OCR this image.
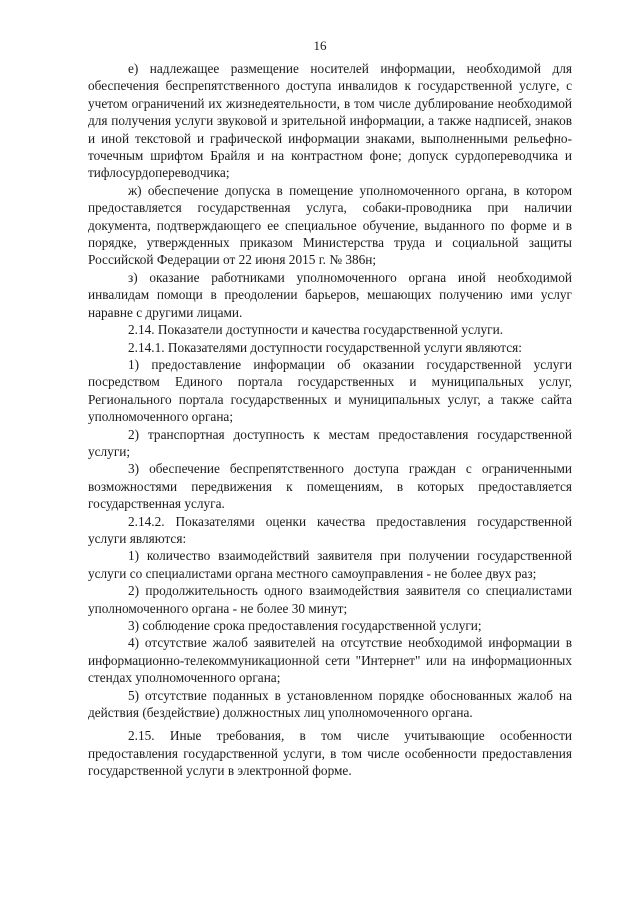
16

е) надлежащее размещение носителей информации, необходимой для обеспечения беспрепятственного доступа инвалидов к государственной услуге, с учетом ограничений их жизнедеятельности, в том числе дублирование необходимой для получения услуги звуковой и зрительной информации, а также надписей, знаков и иной текстовой и графической информации знаками, выполненными рельефно-точечным шрифтом Брайля и на контрастном фоне; допуск сурдопереводчика и тифлосурдопереводчика;

ж) обеспечение допуска в помещение уполномоченного органа, в котором предоставляется государственная услуга, собаки-проводника при наличии документа, подтверждающего ее специальное обучение, выданного по форме и в порядке, утвержденных приказом Министерства труда и социальной защиты Российской Федерации от 22 июня 2015 г. № 386н;

з) оказание работниками уполномоченного органа иной необходимой инвалидам помощи в преодолении барьеров, мешающих получению ими услуг наравне с другими лицами.

2.14. Показатели доступности и качества государственной услуги.

2.14.1. Показателями доступности государственной услуги являются:

1) предоставление информации об оказании государственной услуги посредством Единого портала государственных и муниципальных услуг, Регионального портала государственных и муниципальных услуг, а также сайта уполномоченного органа;

2) транспортная доступность к местам предоставления государственной услуги;

3) обеспечение беспрепятственного доступа граждан с ограниченными возможностями передвижения к помещениям, в которых предоставляется государственная услуга.

2.14.2. Показателями оценки качества предоставления государственной услуги являются:

1) количество взаимодействий заявителя при получении государственной услуги со специалистами органа местного самоуправления - не более двух раз;

2) продолжительность одного взаимодействия заявителя со специалистами уполномоченного органа - не более 30 минут;

3) соблюдение срока предоставления государственной услуги;

4) отсутствие жалоб заявителей на отсутствие необходимой информации в информационно-телекоммуникационной сети "Интернет" или на информационных стендах уполномоченного органа;

5) отсутствие поданных в установленном порядке обоснованных жалоб на действия (бездействие) должностных лиц уполномоченного органа.

2.15. Иные требования, в том числе учитывающие особенности предоставления государственной услуги, в том числе особенности предоставления государственной услуги в электронной форме.
